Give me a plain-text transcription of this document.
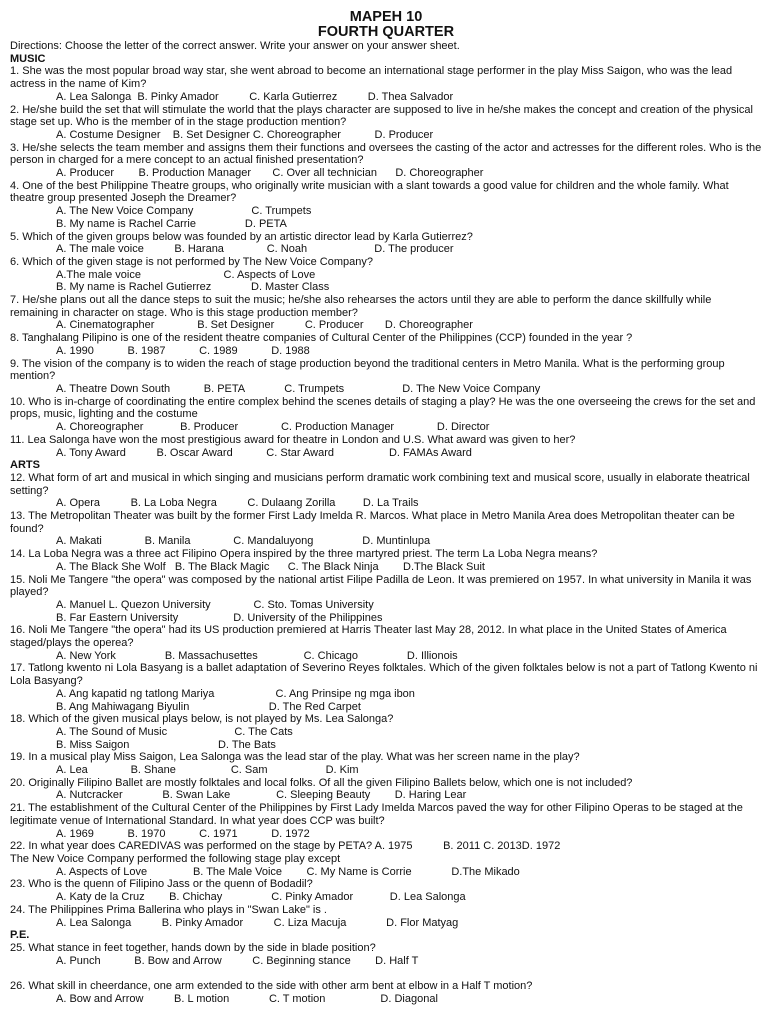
MAPEH 10
FOURTH QUARTER
Directions: Choose the letter of the correct answer. Write your answer on your answer sheet.
MUSIC
1. She was the most popular broad way star, she went abroad to become an international stage performer in the play Miss Saigon, who was the lead actress in the name of Kim?
A. Lea Salonga  B. Pinky Amador          C. Karla Gutierrez          D. Thea Salvador
2. He/she build the set that will stimulate the world that the plays character are supposed to live in he/she makes the concept and creation of the physical stage set up. Who is the member of in the stage production mention?
A. Costume Designer    B. Set Designer C. Choreographer           D. Producer
3. He/she selects the team member and assigns them their functions and oversees the casting of the actor and actresses for the different roles. Who is the person in charged for a mere concept to an actual finished presentation?
A. Producer        B. Production Manager       C. Over all technician      D. Choreographer
4. One of the best Philippine Theatre groups, who originally write musician with a slant towards a good value for children and the whole family. What theatre group presented Joseph the Dreamer?
A. The New Voice Company                   C. Trumpets
B. My name is Rachel Carrie                D. PETA
5. Which of the given groups below was founded by an artistic director lead by Karla Gutierrez?
A. The male voice          B. Harana              C. Noah                      D. The producer
6. Which of the given stage is not performed by The New Voice Company?
A.The male voice                           C. Aspects of Love
B. My name is Rachel Gutierrez             D. Master Class
7. He/she plans out all the dance steps to suit the music; he/she also rehearses the actors until they are able to perform the dance skillfully while remaining in character on stage. Who is this stage production member?
A. Cinematographer              B. Set Designer          C. Producer       D. Choreographer
8. Tanghalang Pilipino is one of the resident theatre companies of Cultural Center of the Philippines (CCP) founded in the year ?
A. 1990           B. 1987           C. 1989           D. 1988
9. The vision of the company is to widen the reach of stage production beyond the traditional centers in Metro Manila. What is the performing group mention?
A. Theatre Down South           B. PETA             C. Trumpets                   D. The New Voice Company
10. Who is in-charge of coordinating the entire complex behind the scenes details of staging a play? He was the one overseeing the crews for the set and props, music, lighting and the costume
A. Choreographer            B. Producer              C. Production Manager              D. Director
11. Lea Salonga have won the most prestigious award for theatre in London and U.S. What award was given to her?
A. Tony Award          B. Oscar Award           C. Star Award                  D. FAMAs Award
ARTS
12. What form of art and musical in which singing and musicians perform dramatic work combining text and musical score, usually in elaborate theatrical setting?
A. Opera          B. La Loba Negra          C. Dulaang Zorilla         D. La Trails
13. The Metropolitan Theater was built by the former First Lady Imelda R. Marcos. What place in Metro Manila Area does Metropolitan theater can be found?
A. Makati              B. Manila              C. Mandaluyong                D. Muntinlupa
14. La Loba Negra was a three act Filipino Opera inspired by the three martyred priest. The term La Loba Negra means?
A. The Black She Wolf   B. The Black Magic      C. The Black Ninja        D.The Black Suit
15. Noli Me Tangere "the opera" was composed by the national artist Filipe Padilla de Leon. It was premiered on 1957. In what university in Manila it was played?
A. Manuel L. Quezon University              C. Sto. Tomas University
B. Far Eastern University                  D. University of the Philippines
16. Noli Me Tangere "the opera" had its US production premiered at Harris Theater last May 28, 2012. In what place in the United States of America staged/plays the operea?
A. New York                B. Massachusettes               C. Chicago                D. Illionois
17. Tatlong kwento ni Lola Basyang is a ballet adaptation of Severino Reyes folktales. Which of the given folktales below is not a part of Tatlong Kwento ni Lola Basyang?
A. Ang kapatid ng tatlong Mariya                    C. Ang Prinsipe ng mga ibon
B. Ang Mahiwagang Biyulin                          D. The Red Carpet
18. Which of the given musical plays below, is not played by Ms. Lea Salonga?
A. The Sound of Music                      C. The Cats
B. Miss Saigon                             D. The Bats
19. In a musical play Miss Saigon, Lea Salonga was the lead star of the play. What was her screen name in the play?
A. Lea              B. Shane                  C. Sam                   D. Kim
20. Originally Filipino Ballet are mostly folktales and local folks. Of all the given Filipino Ballets below, which one is not included?
A. Nutcracker             B. Swan Lake               C. Sleeping Beauty        D. Haring Lear
21. The establishment of the Cultural Center of the Philippines by First Lady Imelda Marcos paved the way for other Filipino Operas to be staged at the legitimate venue of International Standard. In what year does CCP was built?
A. 1969           B. 1970           C. 1971           D. 1972
22. In what year does CAREDIVAS was performed on the stage by PETA? A. 1975          B. 2011 C. 2013D. 1972
The New Voice Company performed the following stage play except
A. Aspects of Love               B. The Male Voice        C. My Name is Corrie             D.The Mikado
23. Who is the quenn of Filipino Jass or the quenn of Bodadil?
A. Katy de la Cruz        B. Chichay                C. Pinky Amador            D. Lea Salonga
24. The Philippines Prima Ballerina who plays in "Swan Lake" is .
A. Lea Salonga          B. Pinky Amador          C. Liza Macuja             D. Flor Matyag
P.E.
25. What stance in feet together, hands down by the side in blade position?
A. Punch           B. Bow and Arrow          C. Beginning stance        D. Half T
26. What skill in cheerdance, one arm extended to the side with other arm bent at elbow in a Half T motion?
A. Bow and Arrow          B. L motion             C. T motion                  D. Diagonal
